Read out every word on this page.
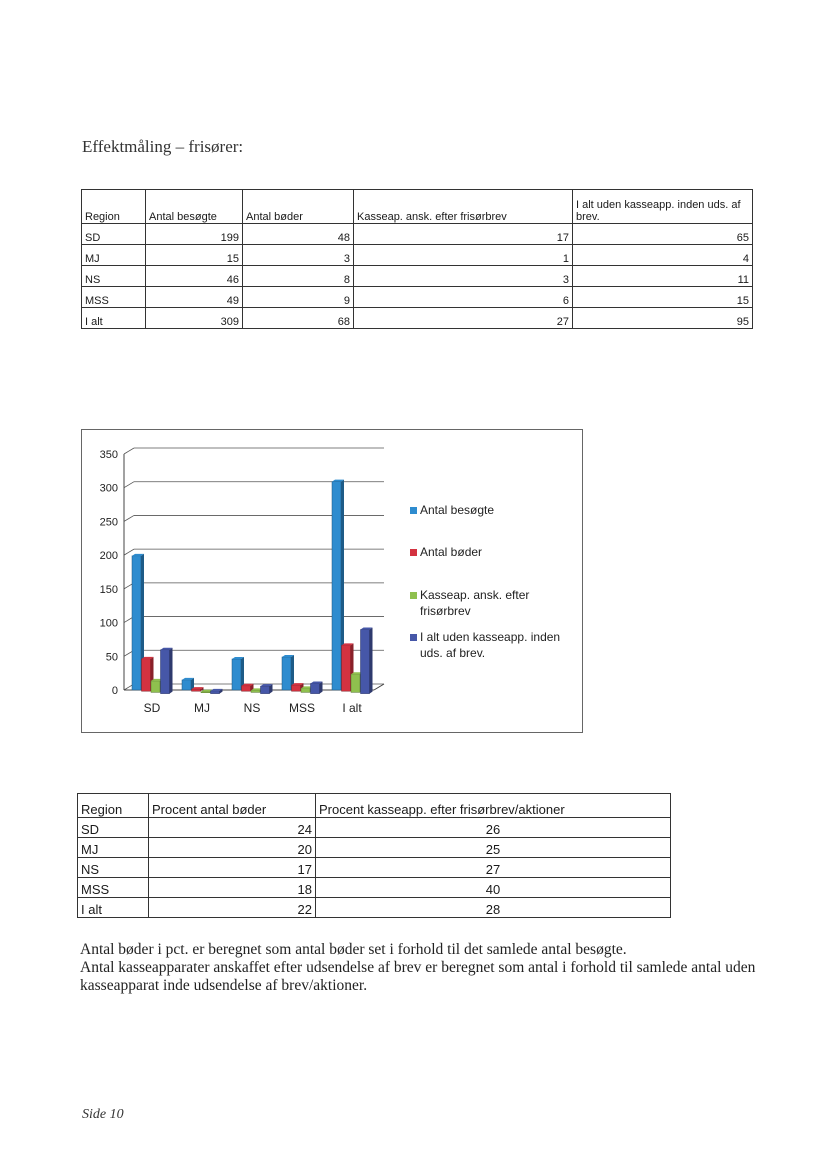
Effektmåling – frisører:
Region	Antal besøgte	Antal bøder	Kasseap. ansk. efter frisørbrev	I alt uden kasseapp. inden uds. af brev.
SD	199	48	17	65
MJ	15	3	1	4
NS	46	8	3	11
MSS	49	9	6	15
I alt	309	68	27	95
0
50
100
150
200
250
300
350
SD	MJ	NS MSS I alt
Antal besøgte
Antal bøder
Kasseap. ansk. efter
frisørbrev
I alt uden kasseapp. inden
uds. af brev.
Region	Procent antal bøder	Procent kasseapp. efter frisørbrev/aktioner
SD	24	26
MJ	20	25
NS	17	27
MSS	18	40
I alt	22	28

Antal bøder i pct. er beregnet som antal bøder set i forhold til det samlede antal besøgte.

Antal kasseapparater anskaffet efter udsendelse af brev er beregnet som antal i forhold til samlede antal uden kasseapparat inde udsendelse af brev/aktioner.

Side 10
